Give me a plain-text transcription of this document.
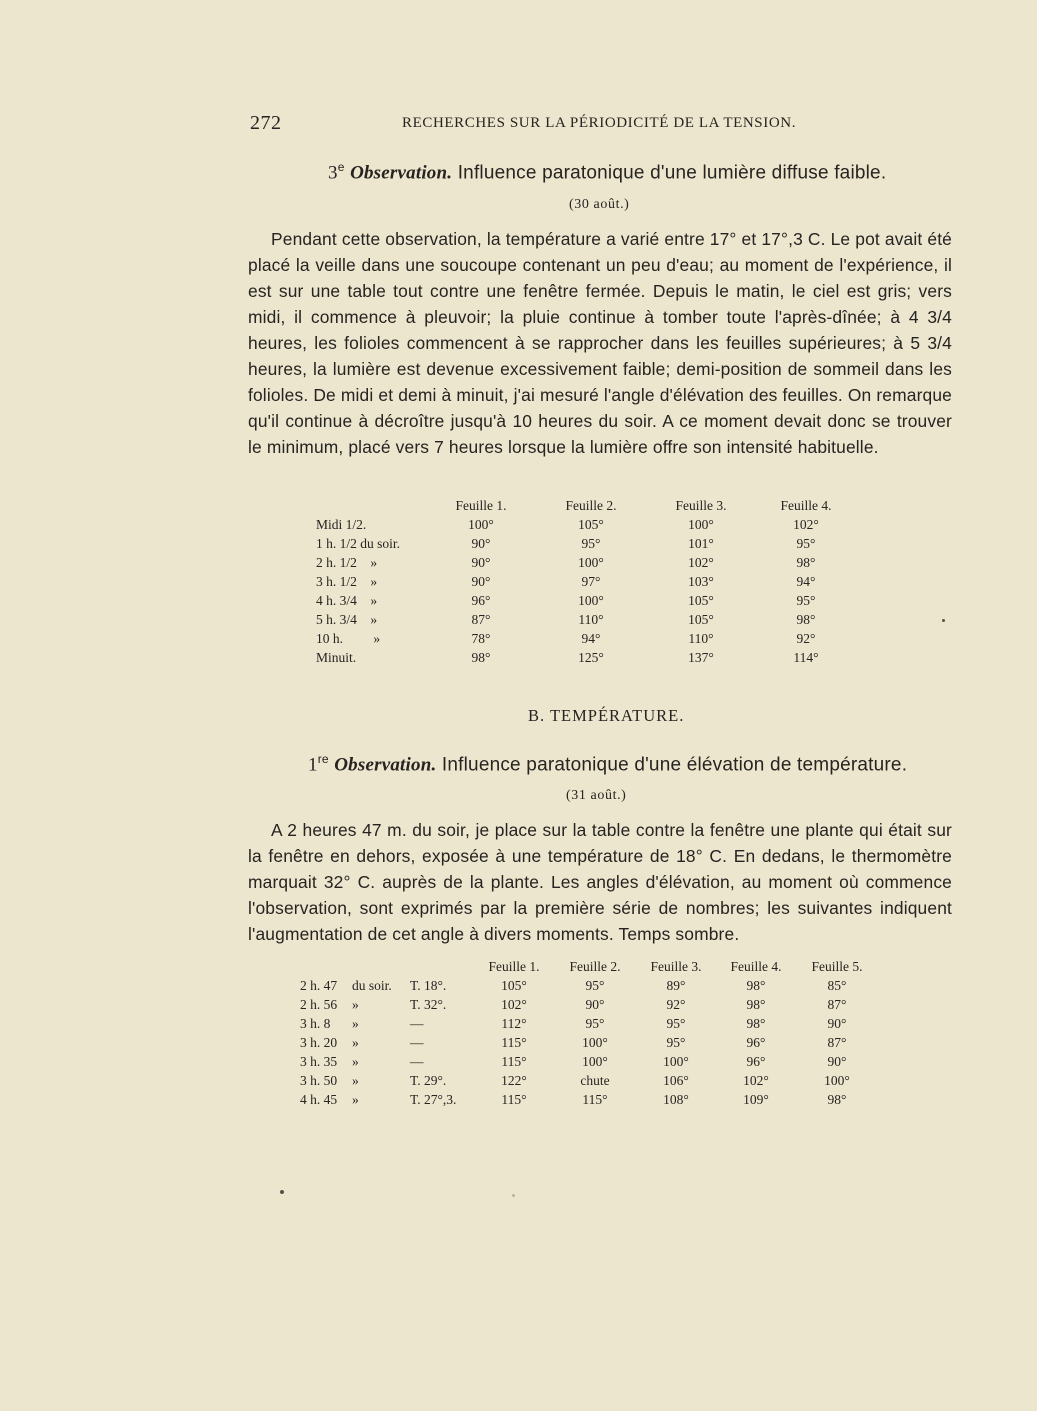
272	RECHERCHES SUR LA PÉRIODICITÉ DE LA TENSION.
3e Observation. Influence paratonique d'une lumière diffuse faible.
(30 août.)
Pendant cette observation, la température a varié entre 17° et 17°,3 C. Le pot avait été placé la veille dans une soucoupe contenant un peu d'eau; au moment de l'expérience, il est sur une table tout contre une fenêtre fermée. Depuis le matin, le ciel est gris; vers midi, il commence à pleuvoir; la pluie continue à tomber toute l'après-dînée; à 4 3/4 heures, les folioles commencent à se rapprocher dans les feuilles supérieures; à 5 3/4 heures, la lumière est devenue excessivement faible; demi-position de sommeil dans les folioles. De midi et demi à minuit, j'ai mesuré l'angle d'élévation des feuilles. On remarque qu'il continue à décroître jusqu'à 10 heures du soir. A ce moment devait donc se trouver le minimum, placé vers 7 heures lorsque la lumière offre son intensité habituelle.
	Feuille 1.	Feuille 2.	Feuille 3.	Feuille 4.
Midi 1/2.	100°	105°	100°	102°
1 h. 1/2 du soir.	90°	95°	101°	95°
2 h. 1/2    »	90°	100°	102°	98°
3 h. 1/2    »	90°	97°	103°	94°
4 h. 3/4    »	96°	100°	105°	95°
5 h. 3/4    »	87°	110°	105°	98°
10 h.         »	78°	94°	110°	92°
Minuit.	98°	125°	137°	114°
B. TEMPÉRATURE.
1re Observation. Influence paratonique d'une élévation de température.
(31 août.)
A 2 heures 47 m. du soir, je place sur la table contre la fenêtre une plante qui était sur la fenêtre en dehors, exposée à une température de 18° C. En dedans, le thermomètre marquait 32° C. auprès de la plante. Les angles d'élévation, au moment où commence l'observation, sont exprimés par la première série de nombres; les suivantes indiquent l'augmentation de cet angle à divers moments. Temps sombre.
			Feuille 1.	Feuille 2.	Feuille 3.	Feuille 4.	Feuille 5.
2 h. 47	du soir.	T. 18°.	105°	95°	89°	98°	85°
2 h. 56	»	T. 32°.	102°	90°	92°	98°	87°
3 h. 8	»	—	112°	95°	95°	98°	90°
3 h. 20	»	—	115°	100°	95°	96°	87°
3 h. 35	»	—	115°	100°	100°	96°	90°
3 h. 50	»	T. 29°.	122°	chute	106°	102°	100°
4 h. 45	»	T. 27°,3.	115°	115°	108°	109°	98°
